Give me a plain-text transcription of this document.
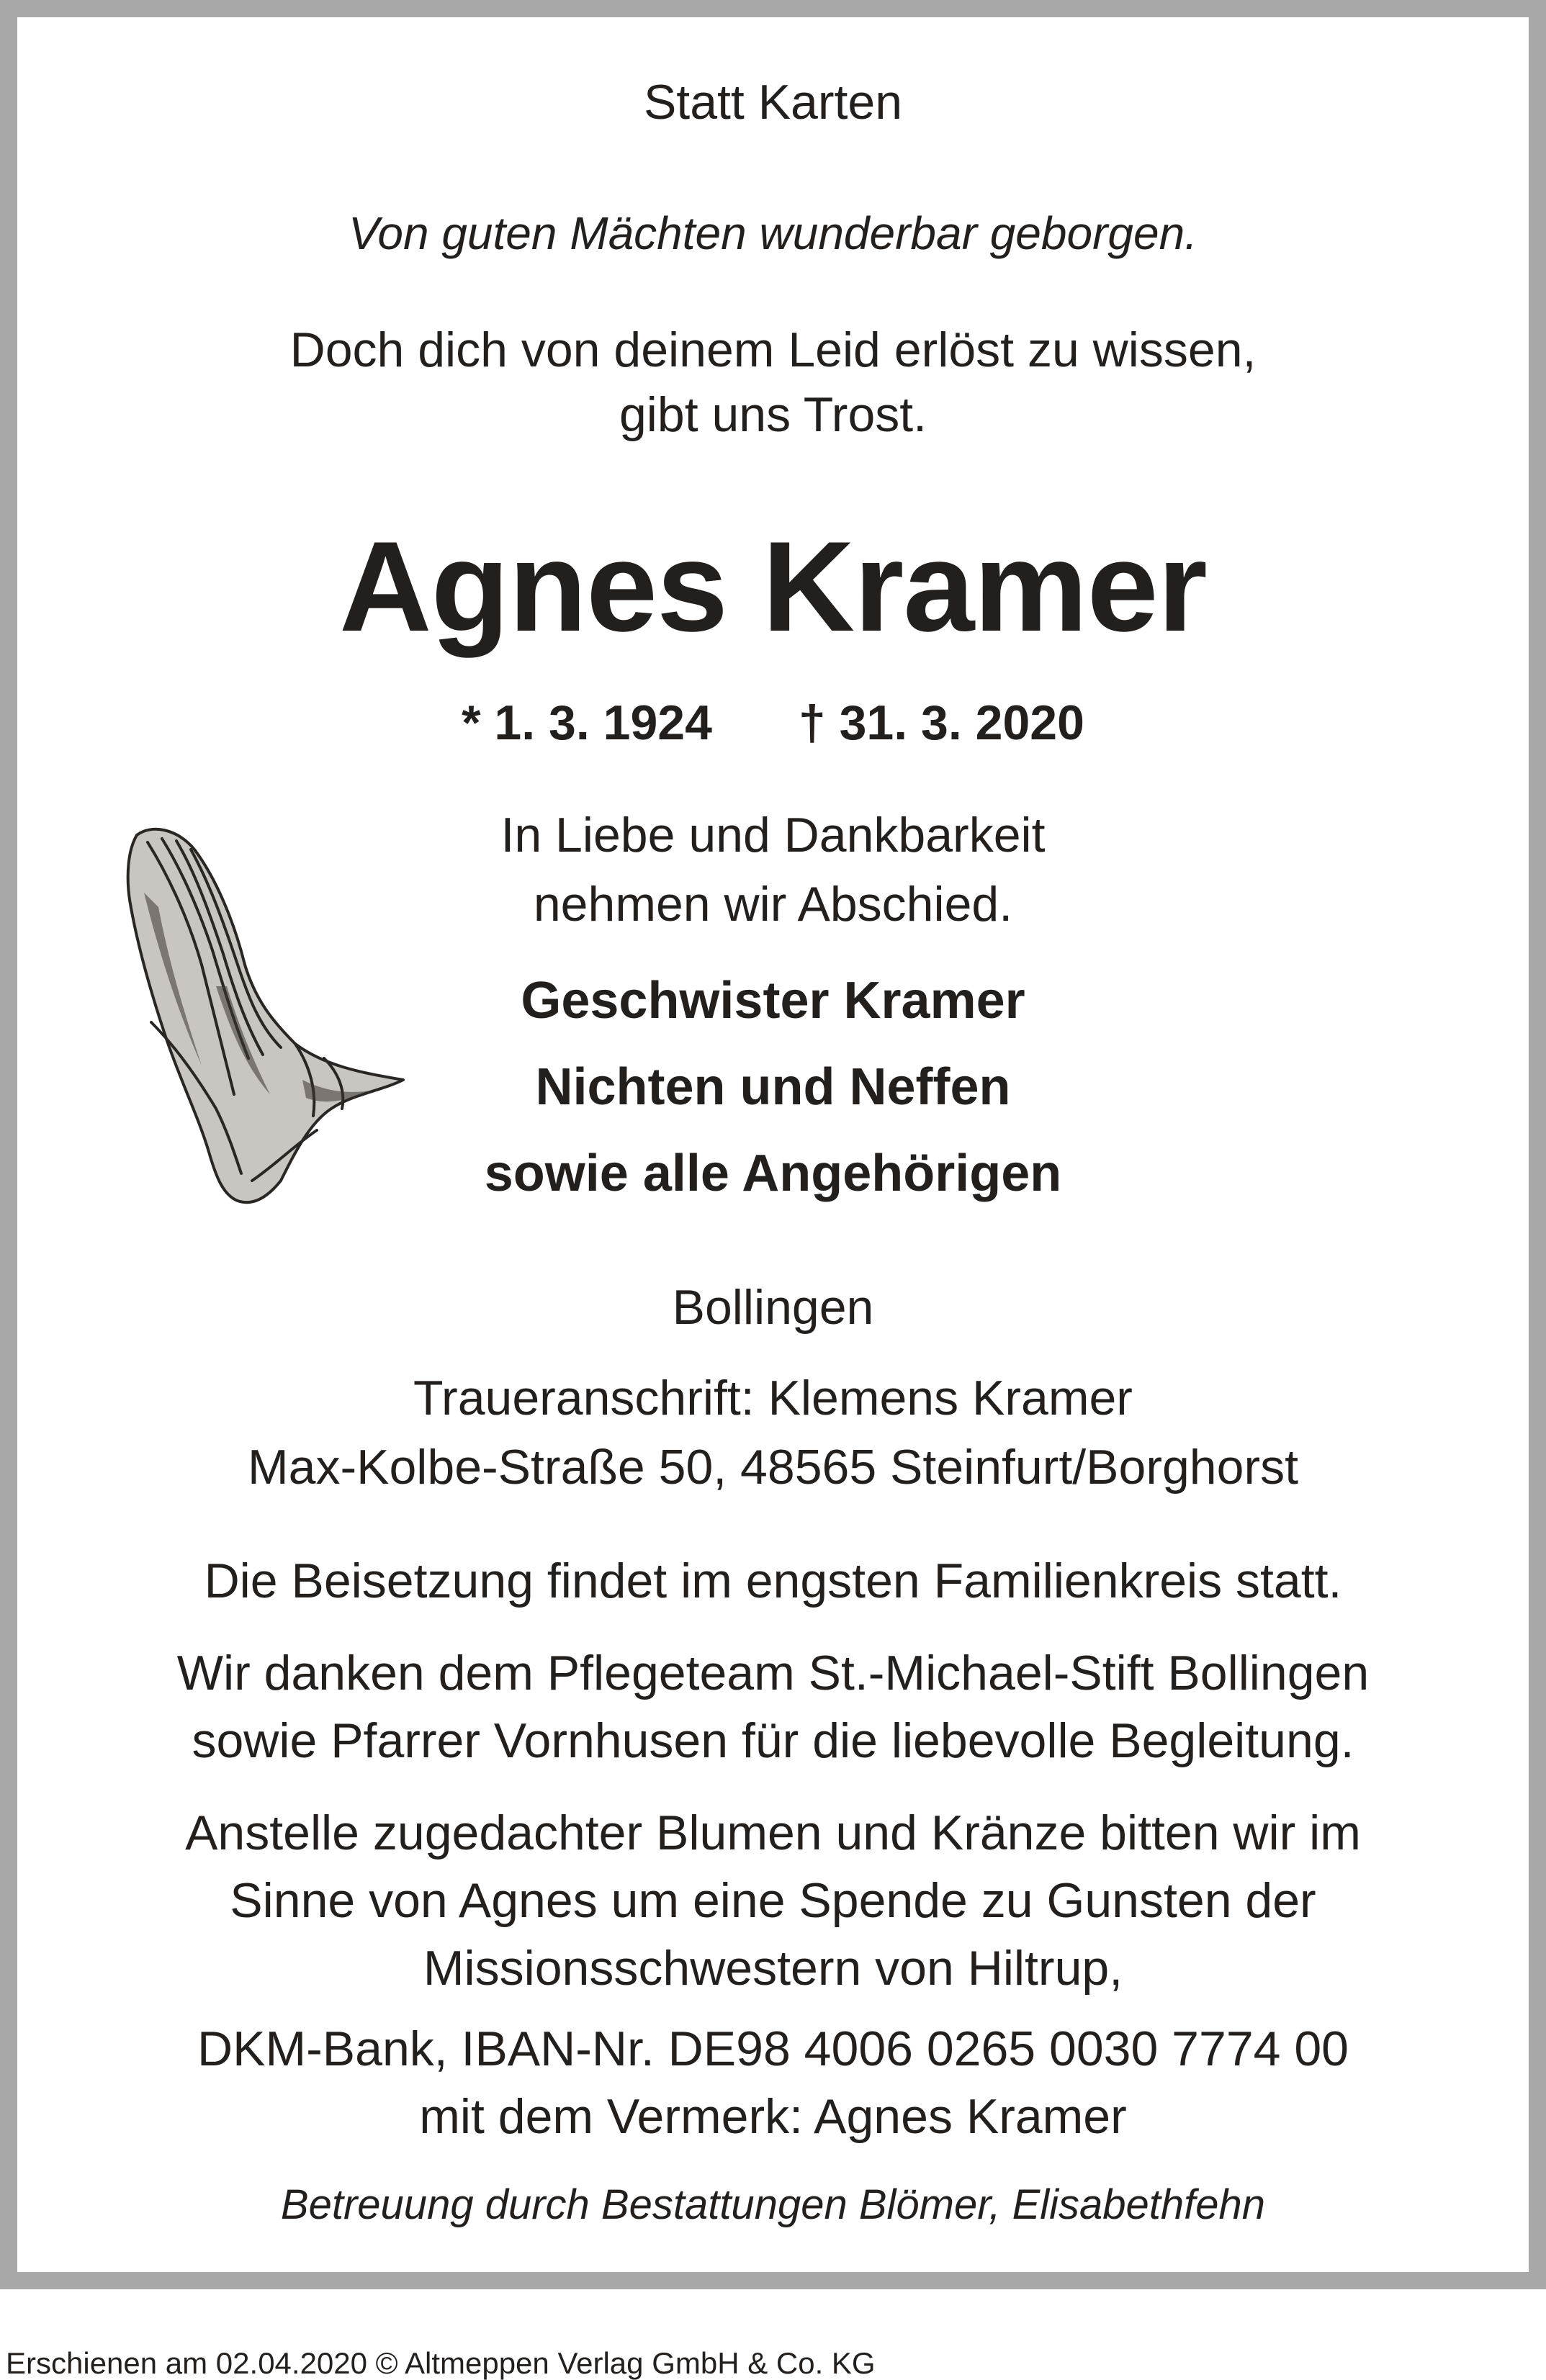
Statt Karten
Von guten Mächten wunderbar geborgen.
Doch dich von deinem Leid erlöst zu wissen,
gibt uns Trost.
Agnes Kramer
* 1. 3. 1924 † 31. 3. 2020
In Liebe und Dankbarkeit
nehmen wir Abschied.
Geschwister Kramer
Nichten und Neffen
sowie alle Angehörigen
Bollingen
Traueranschrift: Klemens Kramer
Max-Kolbe-Straße 50, 48565 Steinfurt/Borghorst
Die Beisetzung findet im engsten Familienkreis statt.
Wir danken dem Pflegeteam St.-Michael-Stift Bollingen
sowie Pfarrer Vornhusen für die liebevolle Begleitung.
Anstelle zugedachter Blumen und Kränze bitten wir im
Sinne von Agnes um eine Spende zu Gunsten der
Missionsschwestern von Hiltrup,
DKM-Bank, IBAN-Nr. DE98 4006 0265 0030 7774 00
mit dem Vermerk: Agnes Kramer
Betreuung durch Bestattungen Blömer, Elisabethfehn
Erschienen am 02.04.2020 © Altmeppen Verlag GmbH & Co. KG
